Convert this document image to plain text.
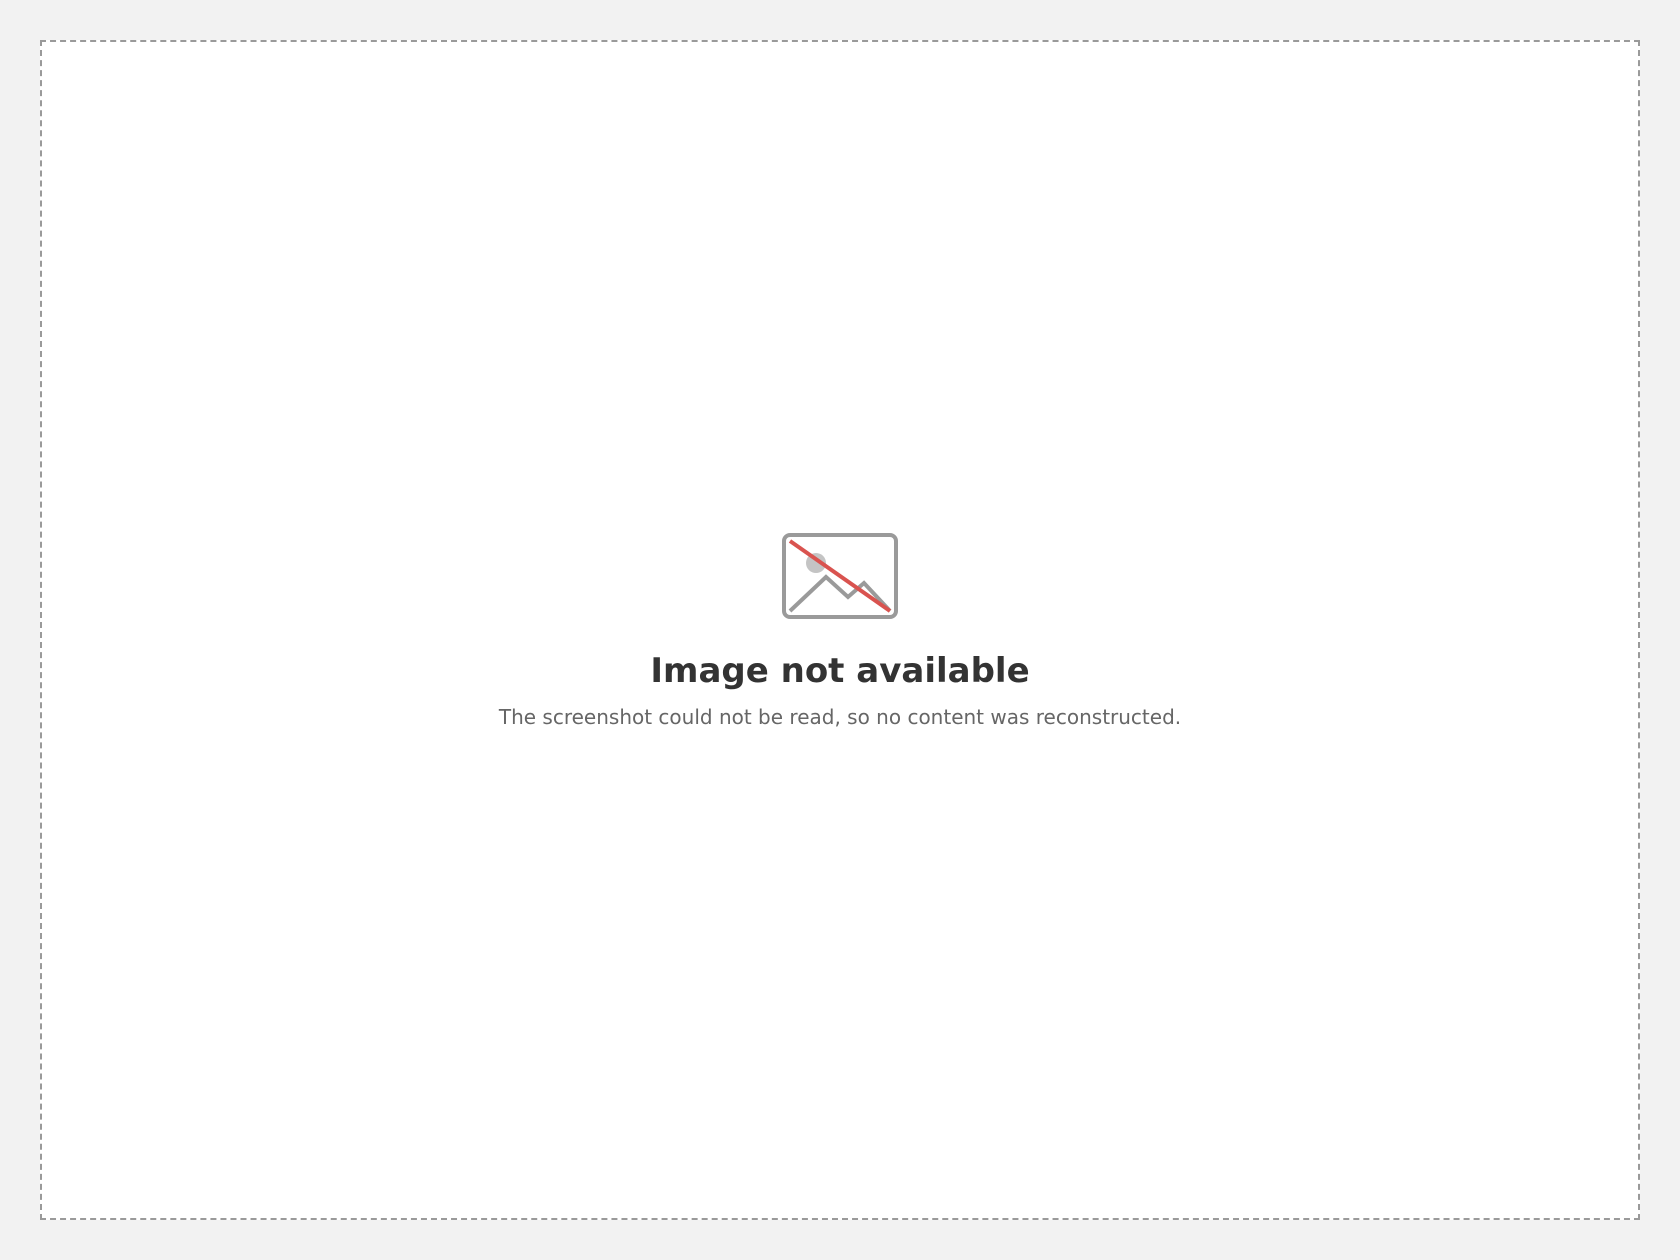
Image not available

The screenshot could not be read, so no content was reconstructed.
